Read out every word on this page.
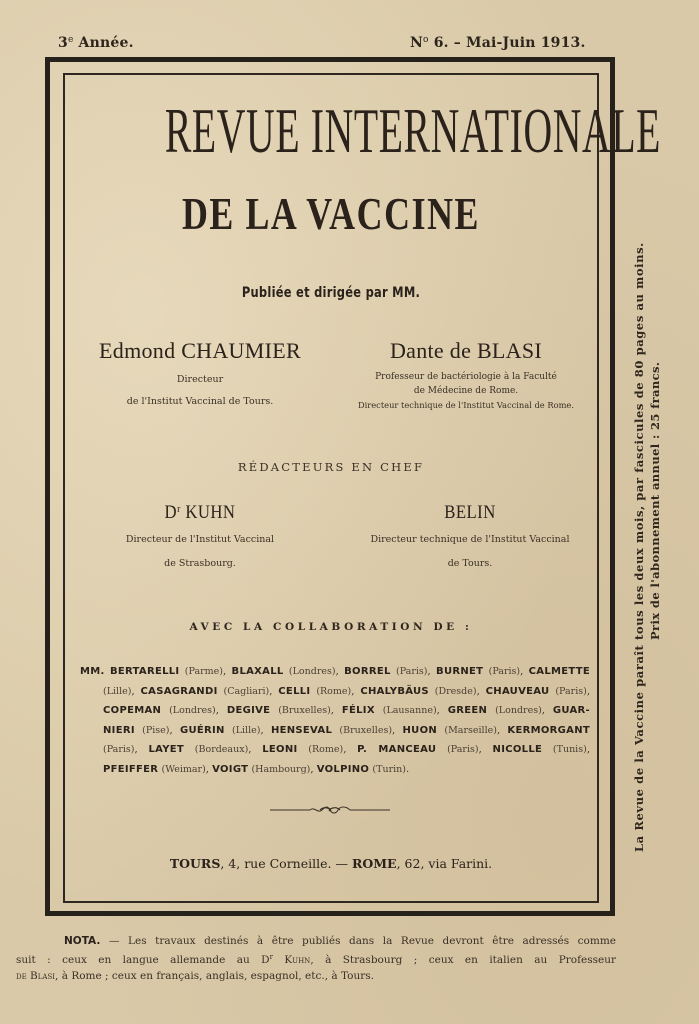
3e Année.	$N^o$ 6. – Mai-Juin 1913.
REVUE INTERNATIONALE
DE LA VACCINE
Publiée et dirigée par MM.
Edmond CHAUMIER
Directeur
de l'Institut Vaccinal de Tours.
Dante de BLASI
Professeur de bactériologie à la Faculté
de Médecine de Rome.
Directeur technique de l'Institut Vaccinal de Rome.
RÉDACTEURS EN CHEF
$D^r$ KUHN
Directeur de l'Institut Vaccinal
de Strasbourg.
BELIN
Directeur technique de l'Institut Vaccinal
de Tours.
AVEC LA COLLABORATION DE :
MM. BERTARELLI (Parme), BLAXALL (Londres), BORREL (Paris), BURNET (Paris), CALMETTE
(Lille), CASAGRANDI (Cagliari), CELLI (Rome), CHALYBÄUS (Dresde), CHAUVEAU (Paris),
COPEMAN (Londres), DEGIVE (Bruxelles), FÉLIX (Lausanne), GREEN (Londres), GUAR-
NIERI (Pise), GUÉRIN (Lille), HENSEVAL (Bruxelles), HUON (Marseille), KERMORGANT
(Paris), LAYET (Bordeaux), LEONI (Rome), P. MANCEAU (Paris), NICOLLE (Tunis),
PFEIFFER (Weimar), VOIGT (Hambourg), VOLPINO (Turin).
TOURS, 4, rue Corneille. — ROME, 62, via Farini.
NOTA. — Les travaux destinés à être publiés dans la Revue devront être adressés comme
suit : ceux en langue allemande au $D^r$ Kuhn, à Strasbourg ; ceux en italien au Professeur
de Blasi, à Rome ; ceux en français, anglais, espagnol, etc., à Tours.
La Revue de la Vaccine paraît tous les deux mois, par fascicules de 80 pages au moins. Prix de l'abonnement annuel : 25 francs.
